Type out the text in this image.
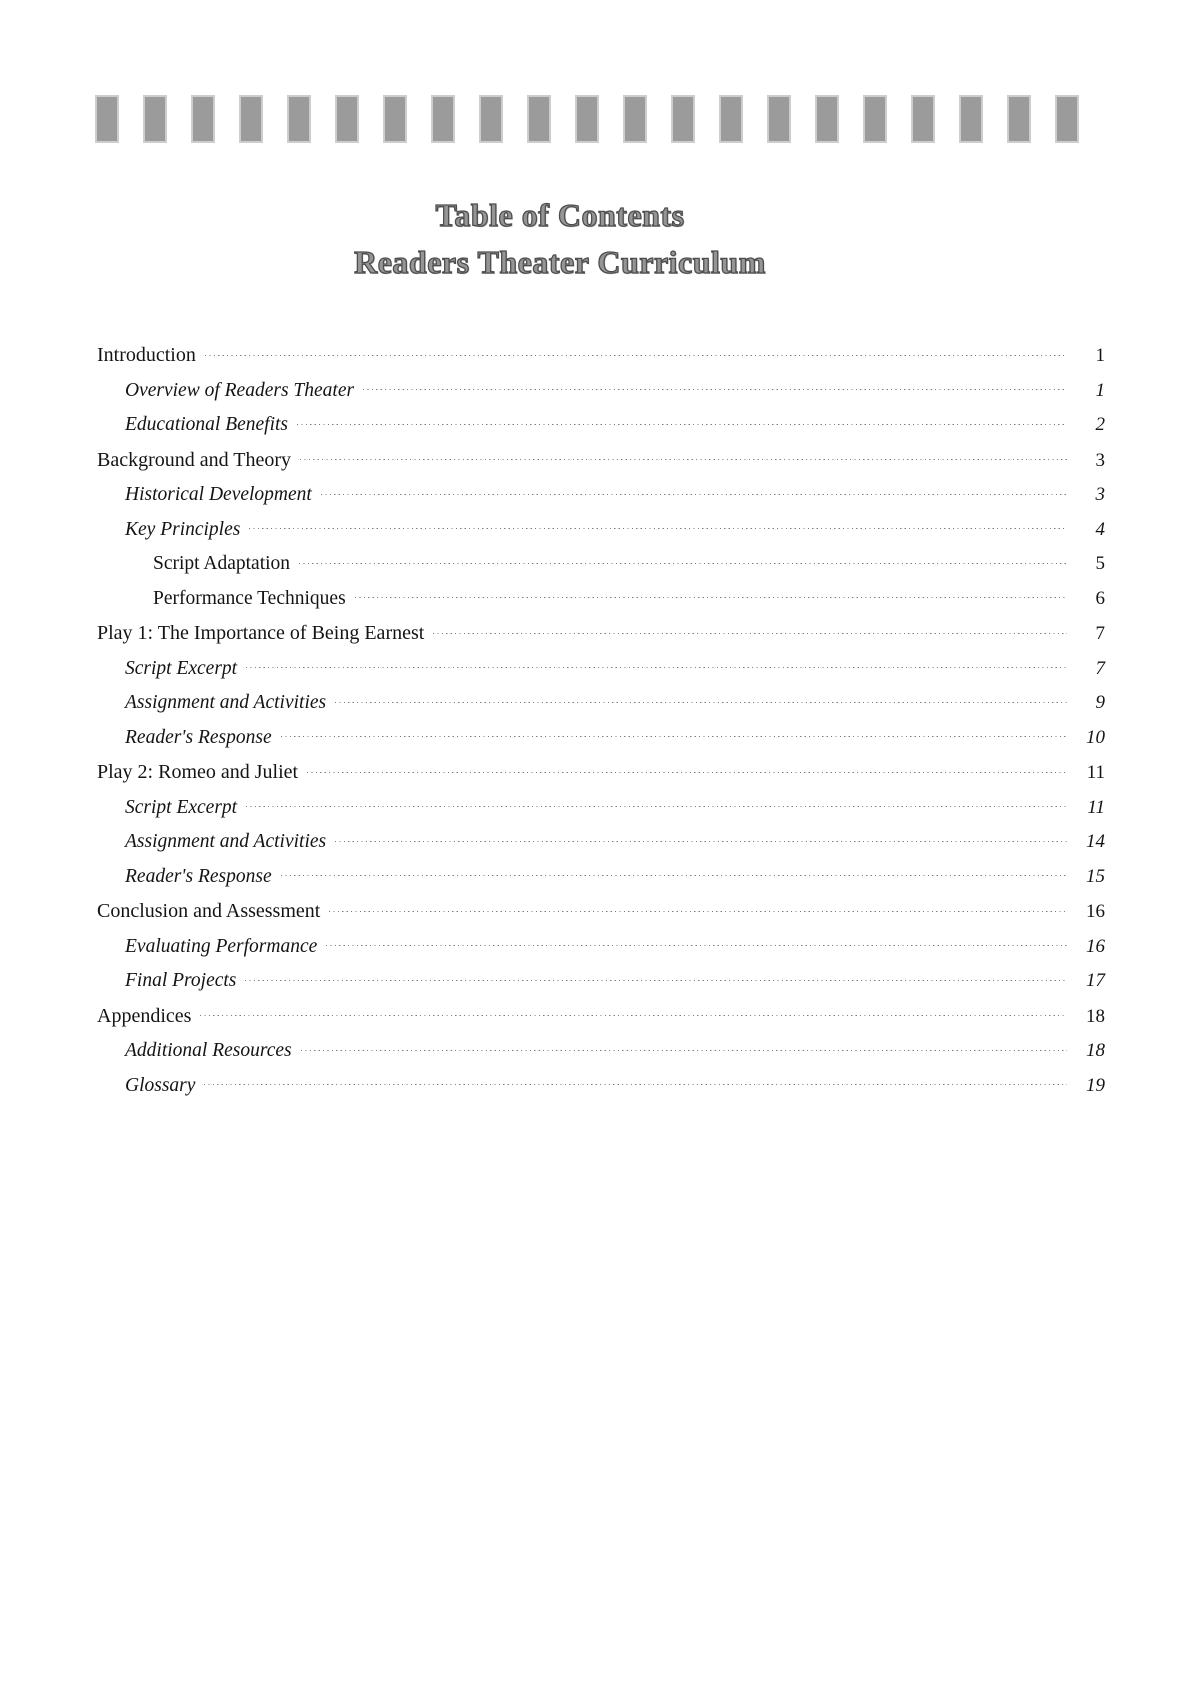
Table of Contents
Readers Theater Curriculum
Introduction	1
Overview of Readers Theater	1
Educational Benefits	2
Background and Theory	3
Historical Development	3
Key Principles	4
Script Adaptation	5
Performance Techniques	6
Play 1: The Importance of Being Earnest	7
Script Excerpt	7
Assignment and Activities	9
Reader's Response	10
Play 2: Romeo and Juliet	11
Script Excerpt	11
Assignment and Activities	14
Reader's Response	15
Conclusion and Assessment	16
Evaluating Performance	16
Final Projects	17
Appendices	18
Additional Resources	18
Glossary	19
